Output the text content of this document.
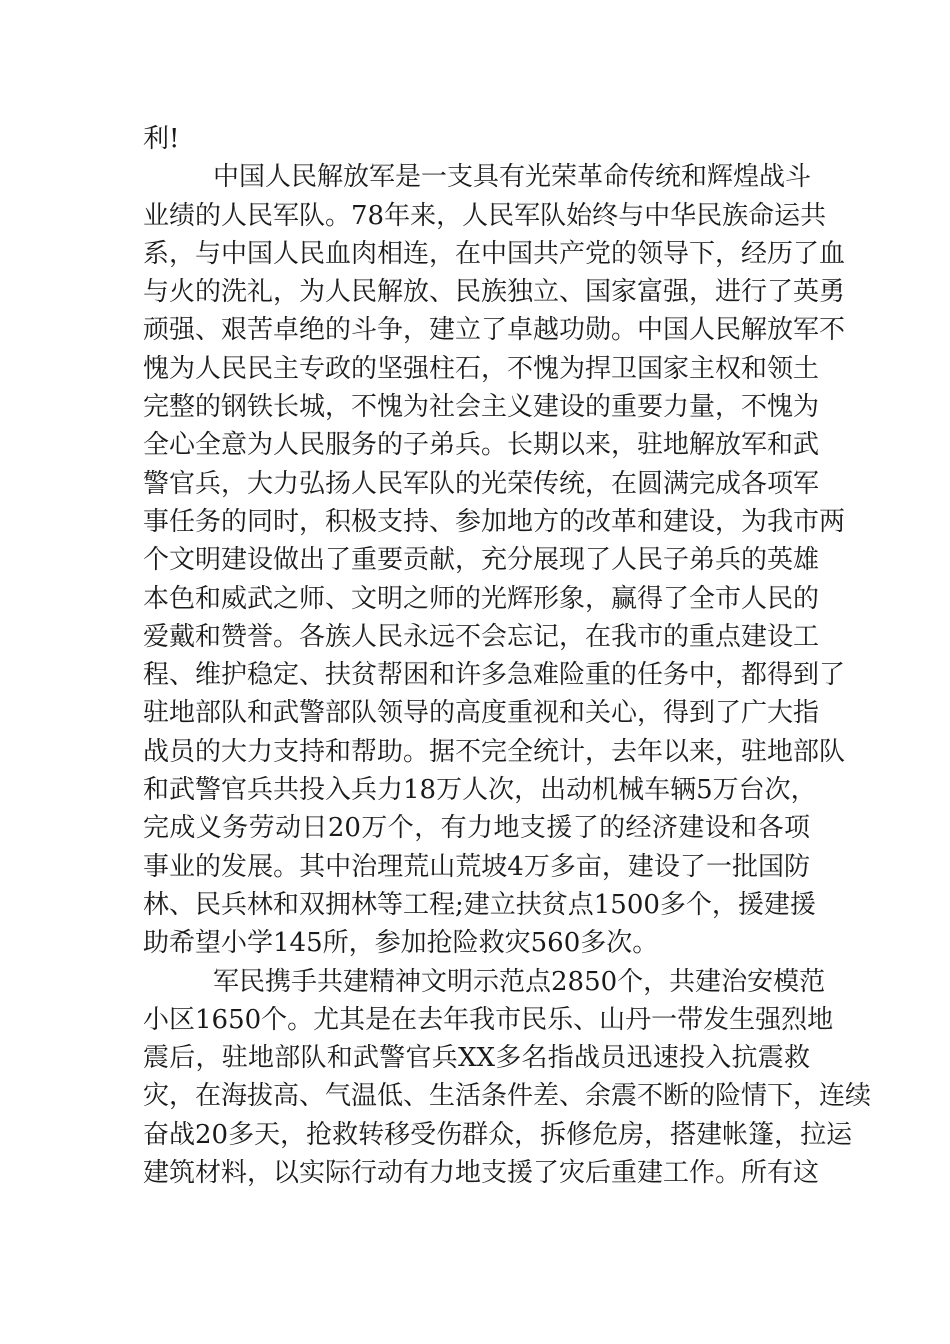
利!
中国人民解放军是一支具有光荣革命传统和辉煌战斗
业绩的人民军队。78年来，人民军队始终与中华民族命运共
系，与中国人民血肉相连，在中国共产党的领导下，经历了血
与火的洗礼，为人民解放、民族独立、国家富强，进行了英勇
顽强、艰苦卓绝的斗争，建立了卓越功勋。中国人民解放军不
愧为人民民主专政的坚强柱石，不愧为捍卫国家主权和领土
完整的钢铁长城，不愧为社会主义建设的重要力量，不愧为
全心全意为人民服务的子弟兵。长期以来，驻地解放军和武
警官兵，大力弘扬人民军队的光荣传统，在圆满完成各项军
事任务的同时，积极支持、参加地方的改革和建设，为我市两
个文明建设做出了重要贡献，充分展现了人民子弟兵的英雄
本色和威武之师、文明之师的光辉形象，赢得了全市人民的
爱戴和赞誉。各族人民永远不会忘记，在我市的重点建设工
程、维护稳定、扶贫帮困和许多急难险重的任务中，都得到了
驻地部队和武警部队领导的高度重视和关心，得到了广大指
战员的大力支持和帮助。据不完全统计，去年以来，驻地部队
和武警官兵共投入兵力18万人次，出动机械车辆5万台次，
完成义务劳动日20万个，有力地支援了的经济建设和各项
事业的发展。其中治理荒山荒坡4万多亩，建设了一批国防
林、民兵林和双拥林等工程;建立扶贫点1500多个，援建援
助希望小学145所，参加抢险救灾560多次。
军民携手共建精神文明示范点2850个，共建治安模范
小区1650个。尤其是在去年我市民乐、山丹一带发生强烈地
震后，驻地部队和武警官兵XX多名指战员迅速投入抗震救
灾，在海拔高、气温低、生活条件差、余震不断的险情下，连续
奋战20多天，抢救转移受伤群众，拆修危房，搭建帐篷，拉运
建筑材料，以实际行动有力地支援了灾后重建工作。所有这
